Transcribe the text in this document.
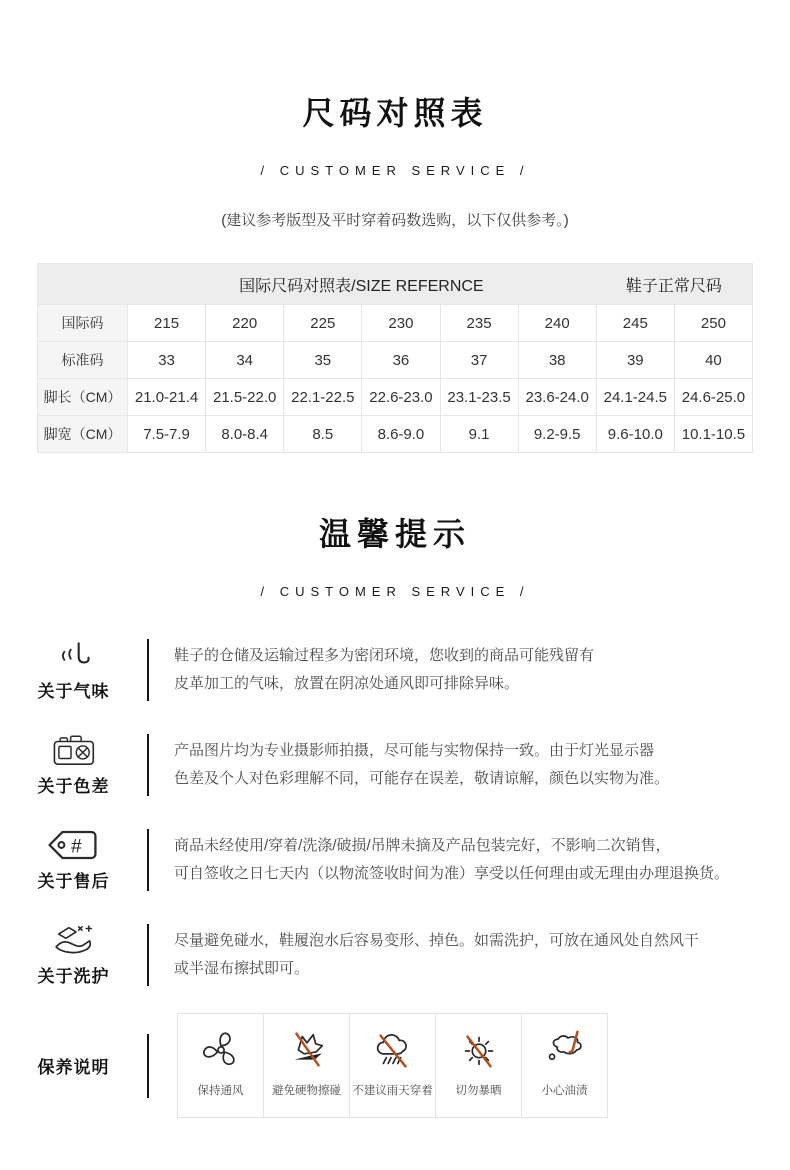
尺码对照表
/ CUSTOMER SERVICE /
(建议参考版型及平时穿着码数选购，以下仅供参考。)
国际尺码对照表/SIZE REFERNCE	鞋子正常尺码
国际码	215	220	225	230	235	240	245	250
标准码	33	34	35	36	37	38	39	40
脚长（CM） 21.0-21.4 21.5-22.0 22.1-22.5 22.6-23.0 23.1-23.5 23.6-24.0 24.1-24.5 24.6-25.0
脚宽（CM）	7.5-7.9	8.0-8.4	8.5	8.6-9.0	9.1	9.2-9.5	9.6-10.0	10.1-10.5
温馨提示
/ CUSTOMER SERVICE /
关于气味
鞋子的仓储及运输过程多为密闭环境，您收到的商品可能残留有
皮革加工的气味，放置在阴凉处通风即可排除异味。
关于色差
产品图片均为专业摄影师拍摄，尽可能与实物保持一致。由于灯光显示器
色差及个人对色彩理解不同，可能存在误差，敬请谅解，颜色以实物为准。
#
关于售后
商品未经使用/穿着/洗涤/破损/吊牌未摘及产品包装完好，不影响二次销售，
可自签收之日七天内（以物流签收时间为准）享受以任何理由或无理由办理退换货。
关于洗护
尽量避免碰水，鞋履泡水后容易变形、掉色。如需洗护，可放在通风处自然风干
或半湿布擦拭即可。
保养说明
保持通风 避免硬物擦碰 不建议雨天穿着 切勿暴晒	小心油渍
